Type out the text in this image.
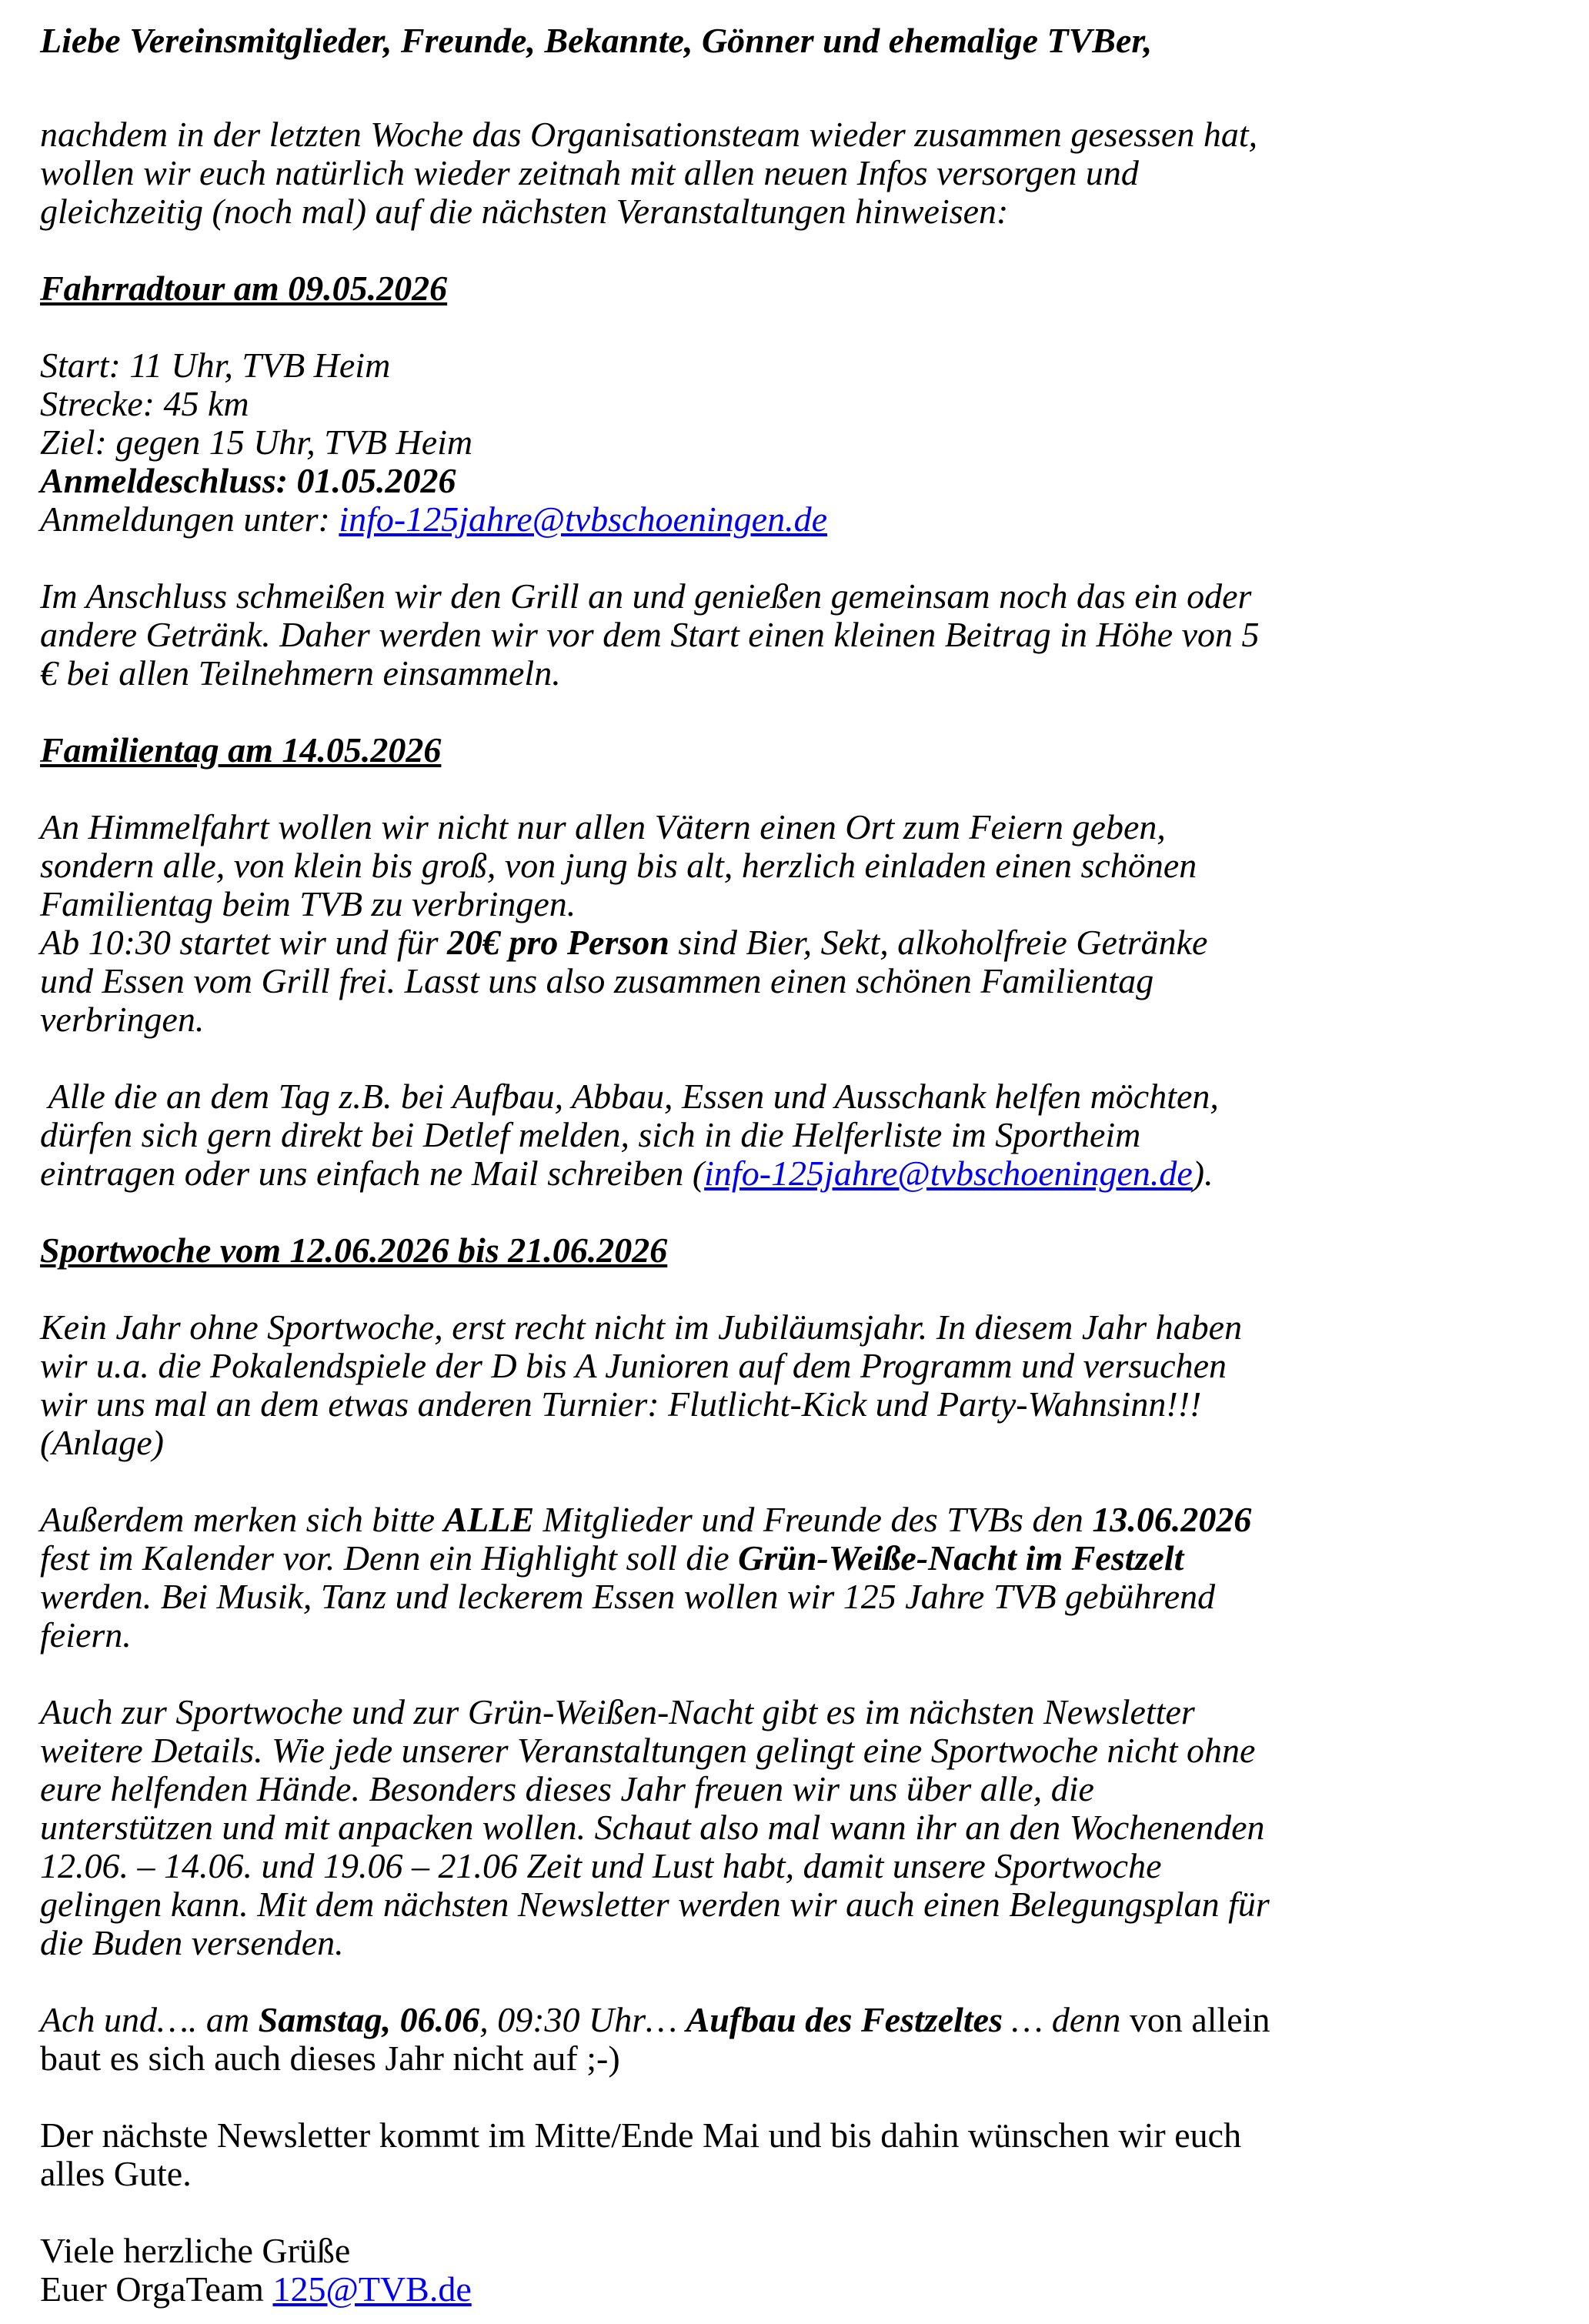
Liebe Vereinsmitglieder, Freunde, Bekannte, Gönner und ehemalige TVBer,

nachdem in der letzten Woche das Organisationsteam wieder zusammen gesessen hat,
wollen wir euch natürlich wieder zeitnah mit allen neuen Infos versorgen und
gleichzeitig (noch mal) auf die nächsten Veranstaltungen hinweisen:
Fahrradtour am 09.05.2026
Start: 11 Uhr, TVB Heim
Strecke: 45 km
Ziel: gegen 15 Uhr, TVB Heim
Anmeldeschluss: 01.05.2026
Anmeldungen unter: info-125jahre@tvbschoeningen.de
Im Anschluss schmeißen wir den Grill an und genießen gemeinsam noch das ein oder
andere Getränk. Daher werden wir vor dem Start einen kleinen Beitrag in Höhe von 5
€ bei allen Teilnehmern einsammeln.
Familientag am 14.05.2026
An Himmelfahrt wollen wir nicht nur allen Vätern einen Ort zum Feiern geben,
sondern alle, von klein bis groß, von jung bis alt, herzlich einladen einen schönen
Familientag beim TVB zu verbringen.
Ab 10:30 startet wir und für 20€ pro Person sind Bier, Sekt, alkoholfreie Getränke
und Essen vom Grill frei. Lasst uns also zusammen einen schönen Familientag
verbringen.
Alle die an dem Tag z.B. bei Aufbau, Abbau, Essen und Ausschank helfen möchten,
dürfen sich gern direkt bei Detlef melden, sich in die Helferliste im Sportheim
eintragen oder uns einfach ne Mail schreiben (info-125jahre@tvbschoeningen.de).
Sportwoche vom 12.06.2026 bis 21.06.2026
Kein Jahr ohne Sportwoche, erst recht nicht im Jubiläumsjahr. In diesem Jahr haben
wir u.a. die Pokalendspiele der D bis A Junioren auf dem Programm und versuchen
wir uns mal an dem etwas anderen Turnier: Flutlicht-Kick und Party-Wahnsinn!!!
(Anlage)
Außerdem merken sich bitte ALLE Mitglieder und Freunde des TVBs den 13.06.2026
fest im Kalender vor. Denn ein Highlight soll die Grün-Weiße-Nacht im Festzelt
werden. Bei Musik, Tanz und leckerem Essen wollen wir 125 Jahre TVB gebührend
feiern.
Auch zur Sportwoche und zur Grün-Weißen-Nacht gibt es im nächsten Newsletter
weitere Details. Wie jede unserer Veranstaltungen gelingt eine Sportwoche nicht ohne
eure helfenden Hände. Besonders dieses Jahr freuen wir uns über alle, die
unterstützen und mit anpacken wollen. Schaut also mal wann ihr an den Wochenenden
12.06. – 14.06. und 19.06 – 21.06 Zeit und Lust habt, damit unsere Sportwoche
gelingen kann. Mit dem nächsten Newsletter werden wir auch einen Belegungsplan für
die Buden versenden.
Ach und…. am Samstag, 06.06, 09:30 Uhr… Aufbau des Festzeltes … denn von allein
baut es sich auch dieses Jahr nicht auf ;-)
Der nächste Newsletter kommt im Mitte/Ende Mai und bis dahin wünschen wir euch
alles Gute.
Viele herzliche Grüße
Euer OrgaTeam 125@TVB.de
